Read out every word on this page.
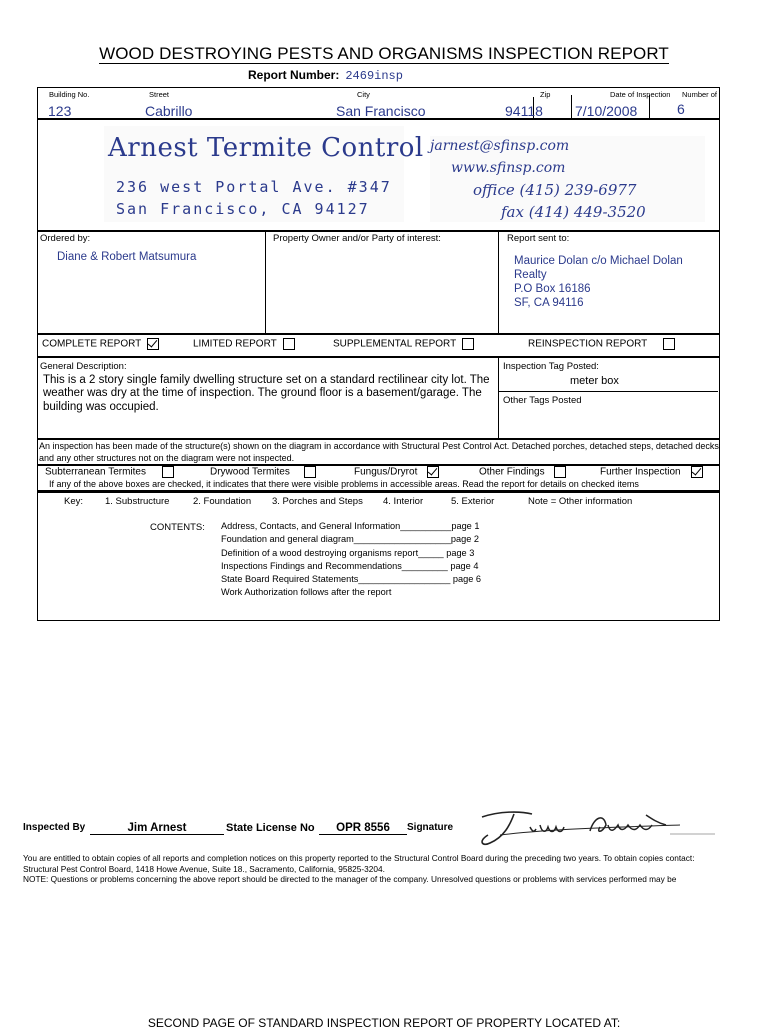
WOOD DESTROYING PESTS AND ORGANISMS INSPECTION REPORT
Report Number: 2469insp
Building No.	Street	City	Zip	Date of Inspection Number of
123	Cabrillo	San Francisco	94118 7/10/2008	6
Arnest Termite Control
236 west Portal Ave. #347
San Francisco, CA 94127
jarnest@sfinsp.com
www.sfinsp.com
office (415) 239-6977
fax (414) 449-3520
Ordered by:
Diane & Robert Matsumura
Property Owner and/or Party of interest:	Report sent to:
Maurice Dolan c/o Michael Dolan
Realty
P.O Box 16186
SF, CA 94116
COMPLETE REPORT	LIMITED REPORT	SUPPLEMENTAL REPORT	REINSPECTION REPORT
General Description:
This is a 2 story single family dwelling structure set on a standard rectilinear city lot. The weather was dry at the time of inspection. The ground floor is a basement/garage. The building was occupied.
Inspection Tag Posted:
meter box
Other Tags Posted
An inspection has been made of the structure(s) shown on the diagram in accordance with Structural Pest Control Act. Detached porches, detached steps, detached decks and any other structures not on the diagram were not inspected.
Subterranean Termites	Drywood Termites	Fungus/Dryrot	Other Findings	Further Inspection
If any of the above boxes are checked, it indicates that there were visible problems in accessible areas. Read the report for details on checked items
Key: 1. Substructure 2. Foundation 3. Porches and Steps 4. Interior	5. Exterior	Note = Other information
CONTENTS: Address, Contacts, and General Information__________page 1
Foundation and general diagram___________________page 2
Definition of a wood destroying organisms report_____ page 3
Inspections Findings and Recommendations_________ page 4
State Board Required Statements__________________ page 6
Work Authorization follows after the report
Inspected By	Jim Arnest	State License No	OPR 8556	Signature
You are entitled to obtain copies of all reports and completion notices on this property reported to the Structural Control Board during the preceding two years. To obtain copies contact: Structural Pest Control Board, 1418 Howe Avenue, Suite 18., Sacramento, California, 95825-3204.
NOTE: Questions or problems concerning the above report should be directed to the manager of the company. Unresolved questions or problems with services performed may be
SECOND PAGE OF STANDARD INSPECTION REPORT OF PROPERTY LOCATED AT:
